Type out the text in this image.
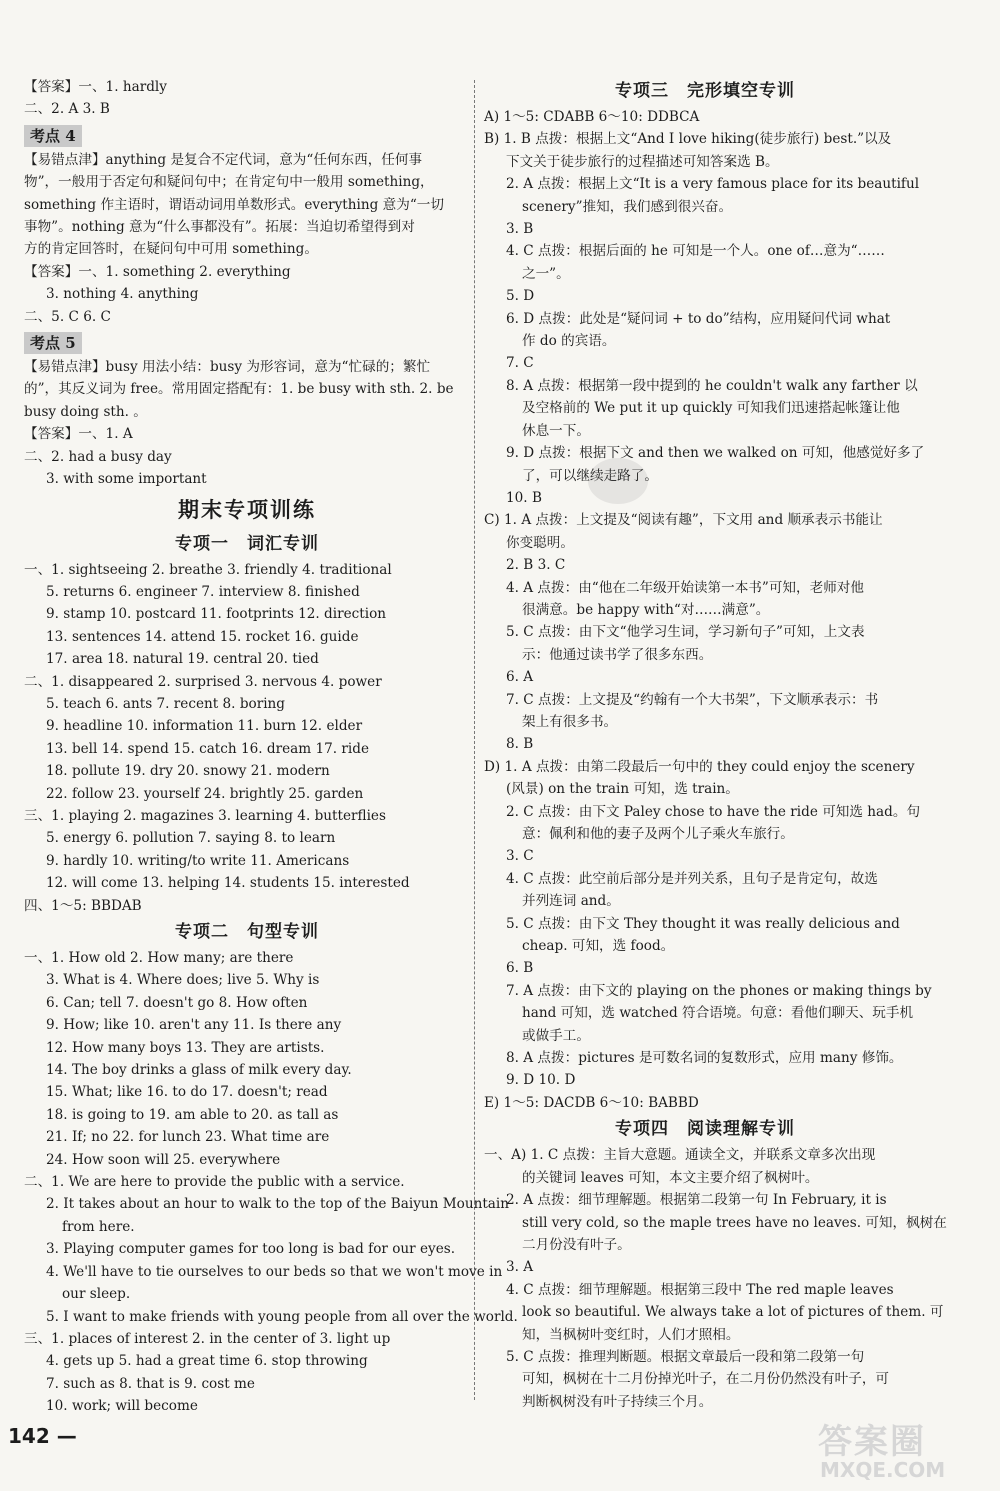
【答案】一、1. hardly
二、2. A 3. B
考点 4
【易错点津】anything 是复合不定代词，意为“任何东西，任何事
物”，一般用于否定句和疑问句中；在肯定句中一般用 something，
something 作主语时，谓语动词用单数形式。everything 意为“一切
事物”。nothing 意为“什么事都没有”。拓展：当迫切希望得到对
方的肯定回答时，在疑问句中可用 something。
【答案】一、1. something 2. everything
3. nothing 4. anything
二、5. C 6. C
考点 5
【易错点津】busy 用法小结：busy 为形容词，意为“忙碌的；繁忙
的”，其反义词为 free。常用固定搭配有：1. be busy with sth. 2. be
busy doing sth. 。
【答案】一、1. A
二、2. had a busy day
3. with some important
期末专项训练
专项一　词汇专训
一、1. sightseeing 2. breathe 3. friendly 4. traditional
5. returns 6. engineer 7. interview 8. finished
9. stamp 10. postcard 11. footprints 12. direction
13. sentences 14. attend 15. rocket 16. guide
17. area 18. natural 19. central 20. tied
二、1. disappeared 2. surprised 3. nervous 4. power
5. teach 6. ants 7. recent 8. boring
9. headline 10. information 11. burn 12. elder
13. bell 14. spend 15. catch 16. dream 17. ride
18. pollute 19. dry 20. snowy 21. modern
22. follow 23. yourself 24. brightly 25. garden
三、1. playing 2. magazines 3. learning 4. butterflies
5. energy 6. pollution 7. saying 8. to learn
9. hardly 10. writing/to write 11. Americans
12. will come 13. helping 14. students 15. interested
四、1～5: BBDAB
专项二　句型专训
一、1. How old 2. How many; are there
3. What is 4. Where does; live 5. Why is
6. Can; tell 7. doesn't go 8. How often
9. How; like 10. aren't any 11. Is there any
12. How many boys 13. They are artists.
14. The boy drinks a glass of milk every day.
15. What; like 16. to do 17. doesn't; read
18. is going to 19. am able to 20. as tall as
21. If; no 22. for lunch 23. What time are
24. How soon will 25. everywhere
二、1. We are here to provide the public with a service.
2. It takes about an hour to walk to the top of the Baiyun Mountain
from here.
3. Playing computer games for too long is bad for our eyes.
4. We'll have to tie ourselves to our beds so that we won't move in
our sleep.
5. I want to make friends with young people from all over the world.
三、1. places of interest 2. in the center of 3. light up
4. gets up 5. had a great time 6. stop throwing
7. such as 8. that is 9. cost me
10. work; will become
专项三　完形填空专训
A) 1～5: CDABB 6～10: DDBCA
B) 1. B 点拨：根据上文“And I love hiking(徒步旅行) best.”以及
下文关于徒步旅行的过程描述可知答案选 B。
2. A 点拨：根据上文“It is a very famous place for its beautiful
scenery”推知，我们感到很兴奋。
3. B
4. C 点拨：根据后面的 he 可知是一个人。one of…意为“……
之一”。
5. D
6. D 点拨：此处是“疑问词 + to do”结构，应用疑问代词 what
作 do 的宾语。
7. C
8. A 点拨：根据第一段中提到的 he couldn't walk any farther 以
及空格前的 We put it up quickly 可知我们迅速搭起帐篷让他
休息一下。
9. D 点拨：根据下文 and then we walked on 可知，他感觉好多了
了，可以继续走路了。
10. B
C) 1. A 点拨：上文提及“阅读有趣”，下文用 and 顺承表示书能让
你变聪明。
2. B 3. C
4. A 点拨：由“他在二年级开始读第一本书”可知，老师对他
很满意。be happy with“对……满意”。
5. C 点拨：由下文“他学习生词，学习新句子”可知，上文表
示：他通过读书学了很多东西。
6. A
7. C 点拨：上文提及“约翰有一个大书架”，下文顺承表示：书
架上有很多书。
8. B
D) 1. A 点拨：由第二段最后一句中的 they could enjoy the scenery
(风景) on the train 可知，选 train。
2. C 点拨：由下文 Paley chose to have the ride 可知选 had。句
意：佩利和他的妻子及两个儿子乘火车旅行。
3. C
4. C 点拨：此空前后部分是并列关系，且句子是肯定句，故选
并列连词 and。
5. C 点拨：由下文 They thought it was really delicious and
cheap. 可知，选 food。
6. B
7. A 点拨：由下文的 playing on the phones or making things by
hand 可知，选 watched 符合语境。句意：看他们聊天、玩手机
或做手工。
8. A 点拨：pictures 是可数名词的复数形式，应用 many 修饰。
9. D 10. D
E) 1～5: DACDB 6～10: BABBD
专项四　阅读理解专训
一、A) 1. C 点拨：主旨大意题。通读全文，并联系文章多次出现
的关键词 leaves 可知，本文主要介绍了枫树叶。
2. A 点拨：细节理解题。根据第二段第一句 In February, it is
still very cold, so the maple trees have no leaves. 可知，枫树在
二月份没有叶子。
3. A
4. C 点拨：细节理解题。根据第三段中 The red maple leaves
look so beautiful. We always take a lot of pictures of them. 可
知，当枫树叶变红时，人们才照相。
5. C 点拨：推理判断题。根据文章最后一段和第二段第一句
可知，枫树在十二月份掉光叶子，在二月份仍然没有叶子，可
判断枫树没有叶子持续三个月。
142 —	答案圈
MXQE.COM
